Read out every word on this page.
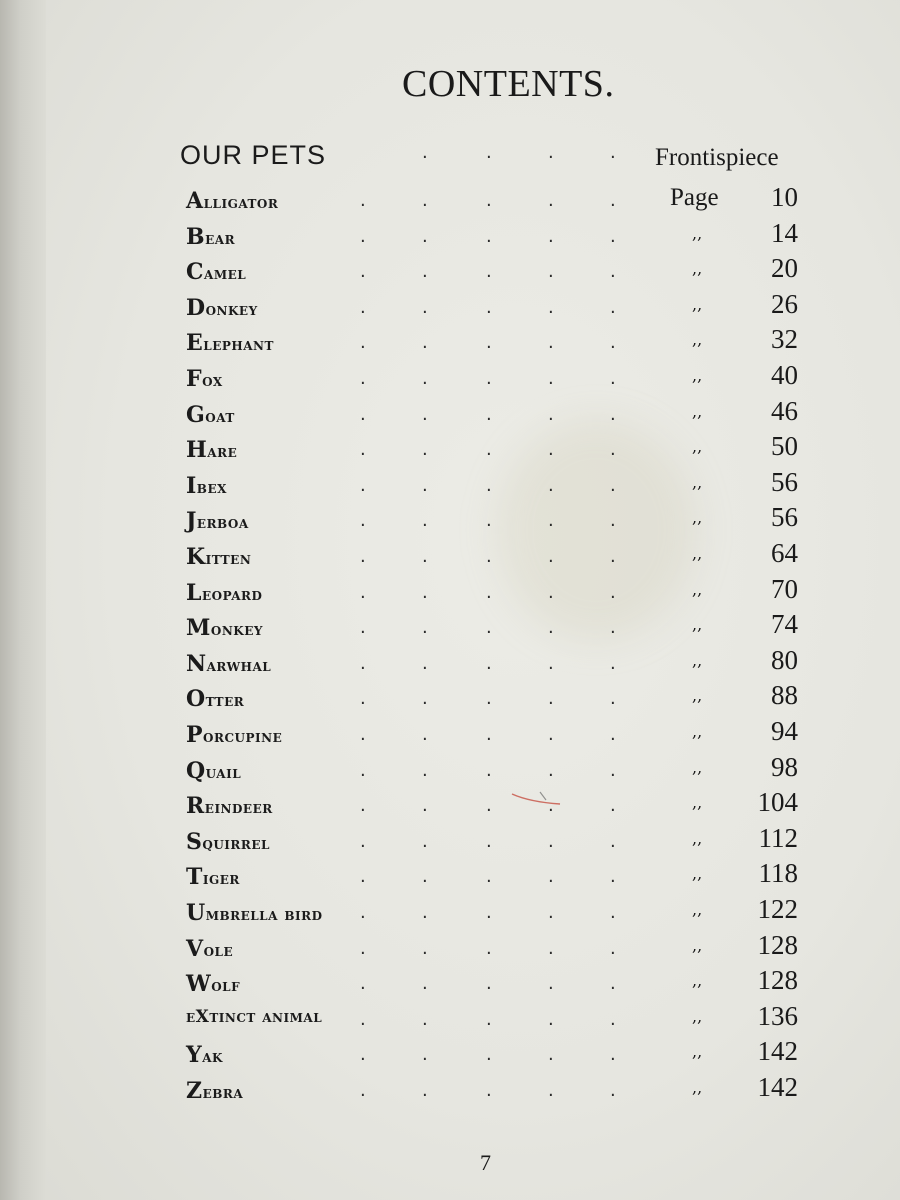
CONTENTS.
OUR PETS	.	.	.	. Frontispiece
Alligator	.	.	.	.	. Page 10
Bear	.	.	.	.	.	,,	14
Camel	.	.	.	.	.	,,	20
Donkey	.	.	.	.	.	,,	26
Elephant	.	.	.	.	.	,,	32
Fox	.	.	.	.	.	,,	40
Goat	.	.	.	.	.	,,	46
Hare	.	.	.	.	.	,,	50
Ibex	.	.	.	.	.	,,	56
Jerboa	.	.	.	.	.	,,	56
Kitten	.	.	.	.	.	,,	64
Leopard	.	.	.	.	.	,,	70
Monkey	.	.	.	.	.	,,	74
Narwhal	.	.	.	.	.	,,	80
Otter	.	.	.	.	.	,,	88
Porcupine	.	.	.	.	.	,,	94
Quail	.	.	.	.	.	,,	98
Reindeer	.	.	.	.	.	,, 104
Squirrel	.	.	.	.	.	,, 112
Tiger	.	.	.	.	.	,, 118
Umbrella bird .	.	.	.	.	,, 122
Vole	.	.	.	.	.	,, 128
Wolf	.	.	.	.	.	,, 128
eXtinct animal .	.	.	.	.	,, 136
Yak	.	.	.	.	.	,, 142
Zebra	.	.	.	.	.	,, 142
7
